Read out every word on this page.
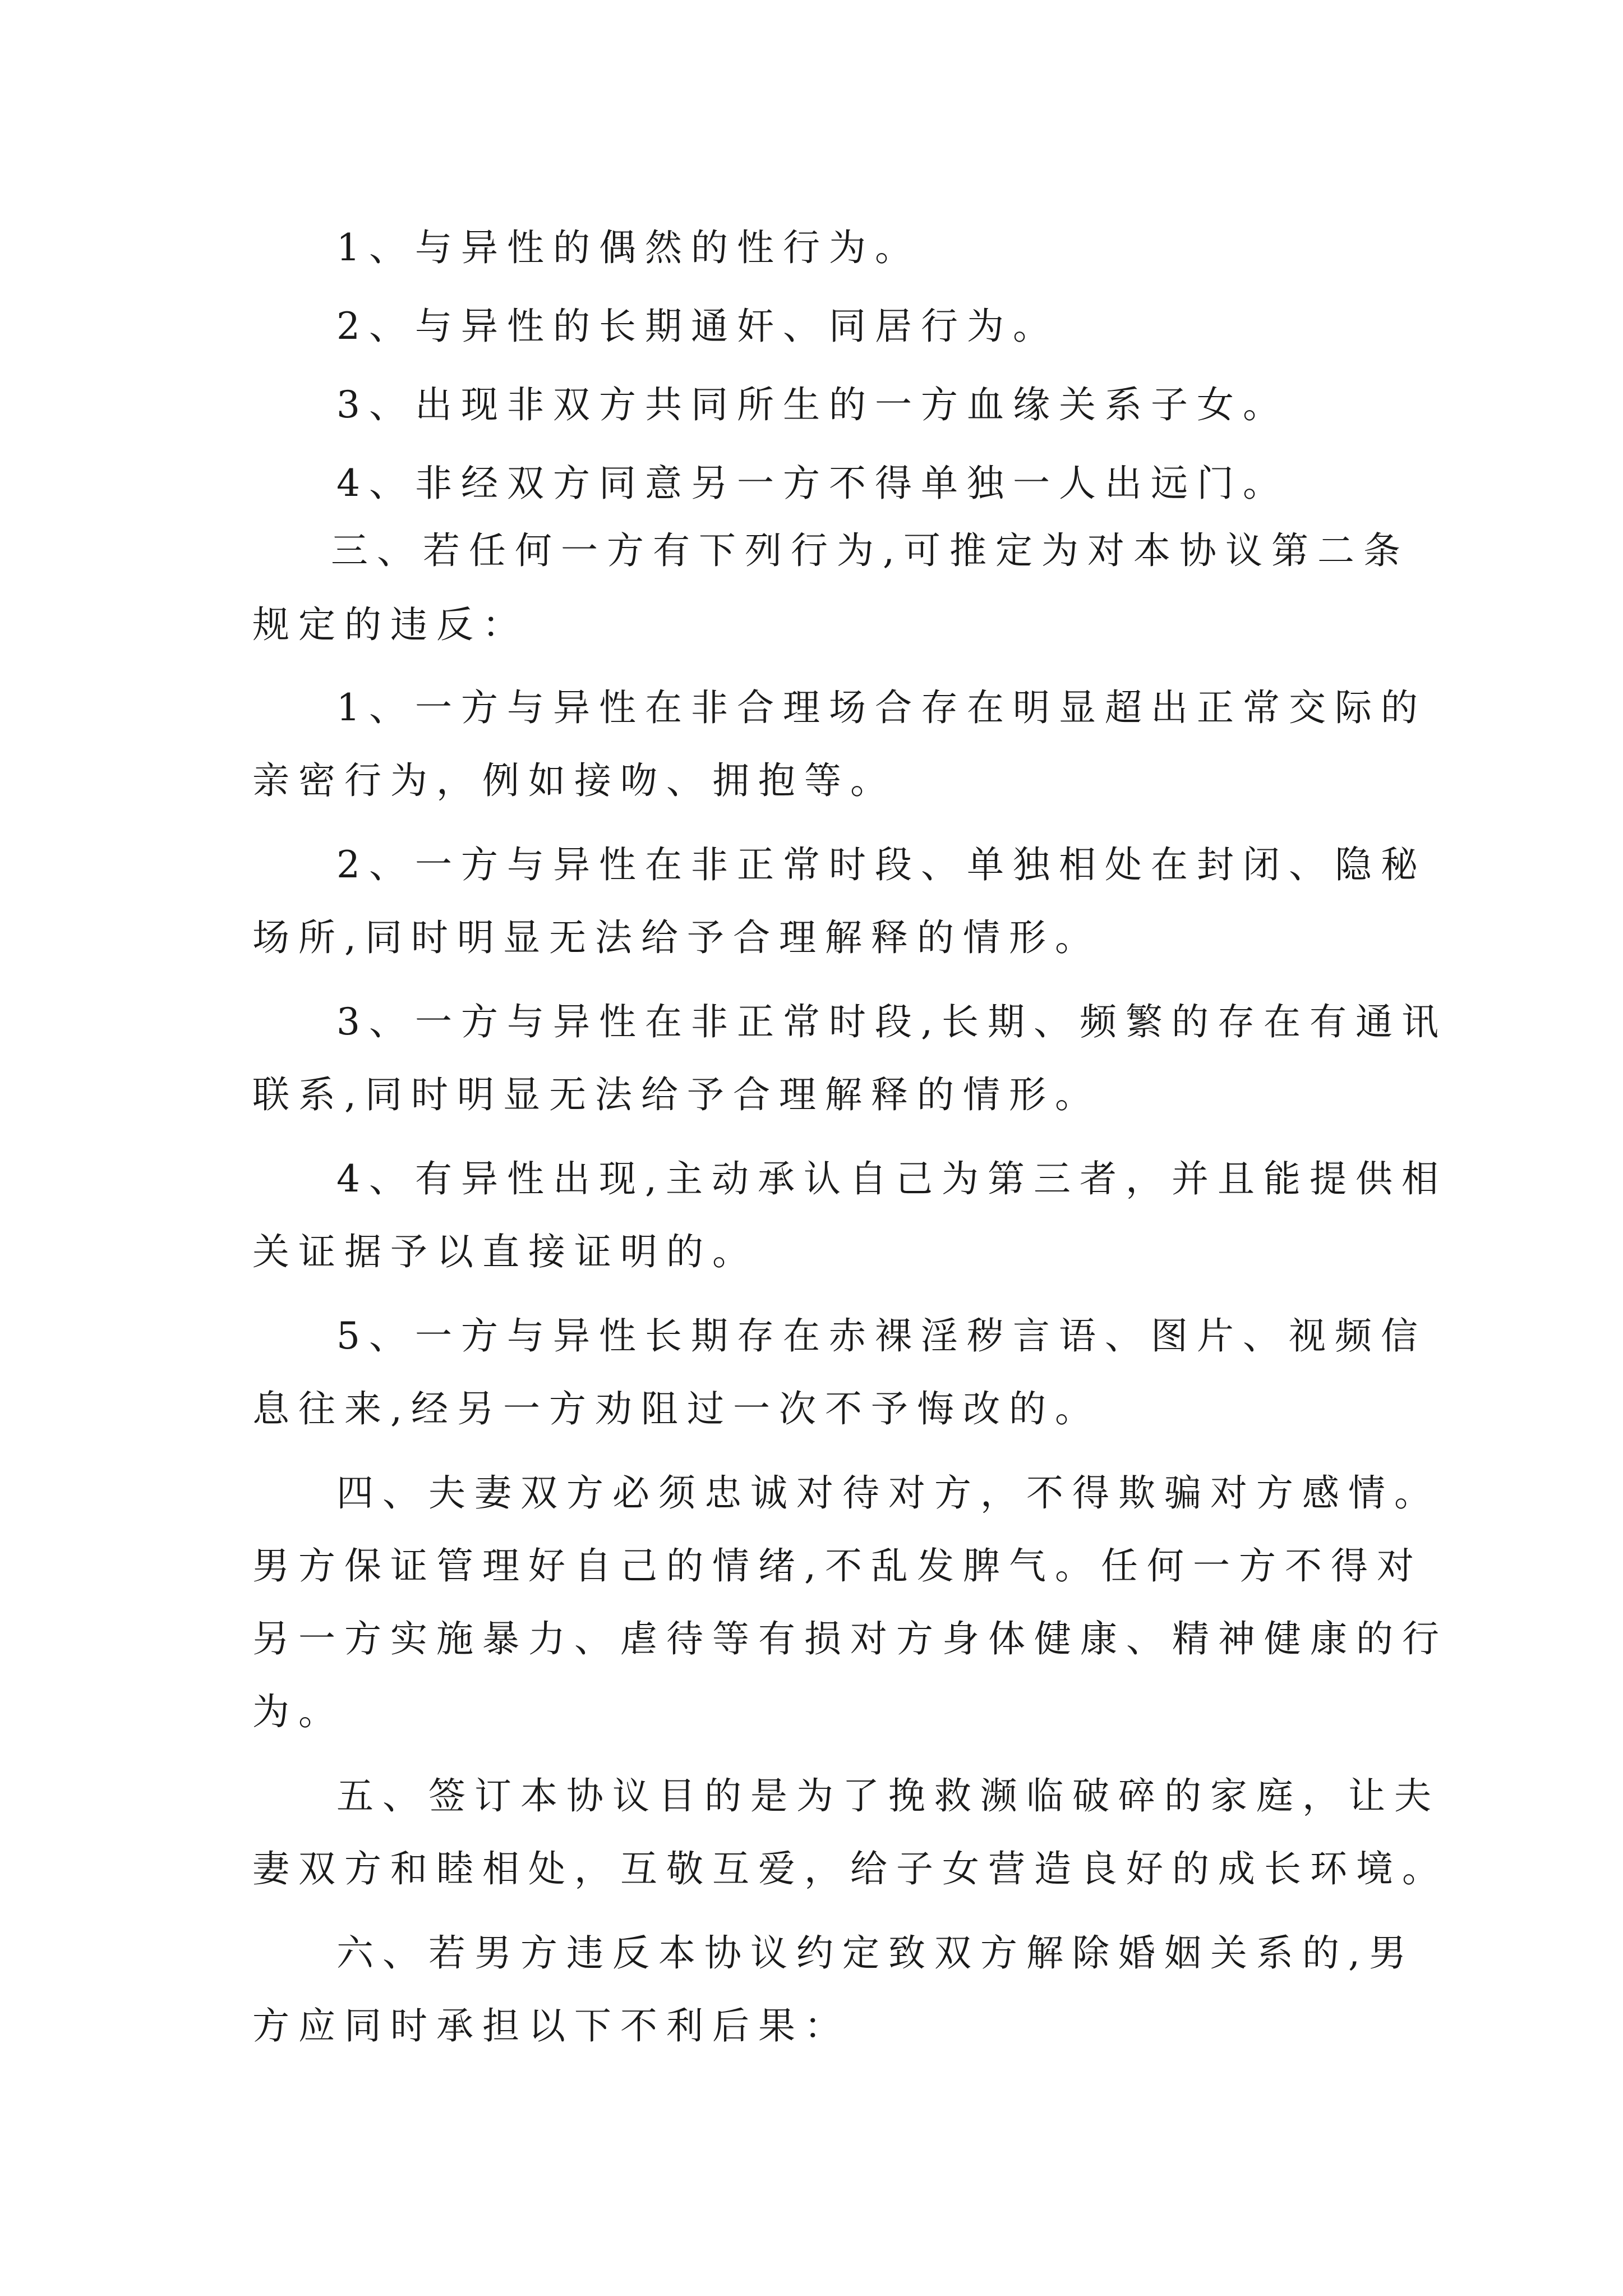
1、与异性的偶然的性行为。

2、与异性的长期通奸、同居行为。

3、出现非双方共同所生的一方血缘关系子女。

4、非经双方同意另一方不得单独一人出远门。

三、若任何一方有下列行为,可推定为对本协议第二条

规定的违反：

1、一方与异性在非合理场合存在明显超出正常交际的

亲密行为，例如接吻、拥抱等。

2、一方与异性在非正常时段、单独相处在封闭、隐秘

场所,同时明显无法给予合理解释的情形。

3、一方与异性在非正常时段,长期、频繁的存在有通讯

联系,同时明显无法给予合理解释的情形。

4、有异性出现,主动承认自己为第三者，并且能提供相

关证据予以直接证明的。

5、一方与异性长期存在赤裸淫秽言语、图片、视频信

息往来,经另一方劝阻过一次不予悔改的。

四、夫妻双方必须忠诚对待对方，不得欺骗对方感情。

男方保证管理好自己的情绪,不乱发脾气。任何一方不得对

另一方实施暴力、虐待等有损对方身体健康、精神健康的行

为。

五、签订本协议目的是为了挽救濒临破碎的家庭，让夫

妻双方和睦相处，互敬互爱，给子女营造良好的成长环境。

六、若男方违反本协议约定致双方解除婚姻关系的,男

方应同时承担以下不利后果：
